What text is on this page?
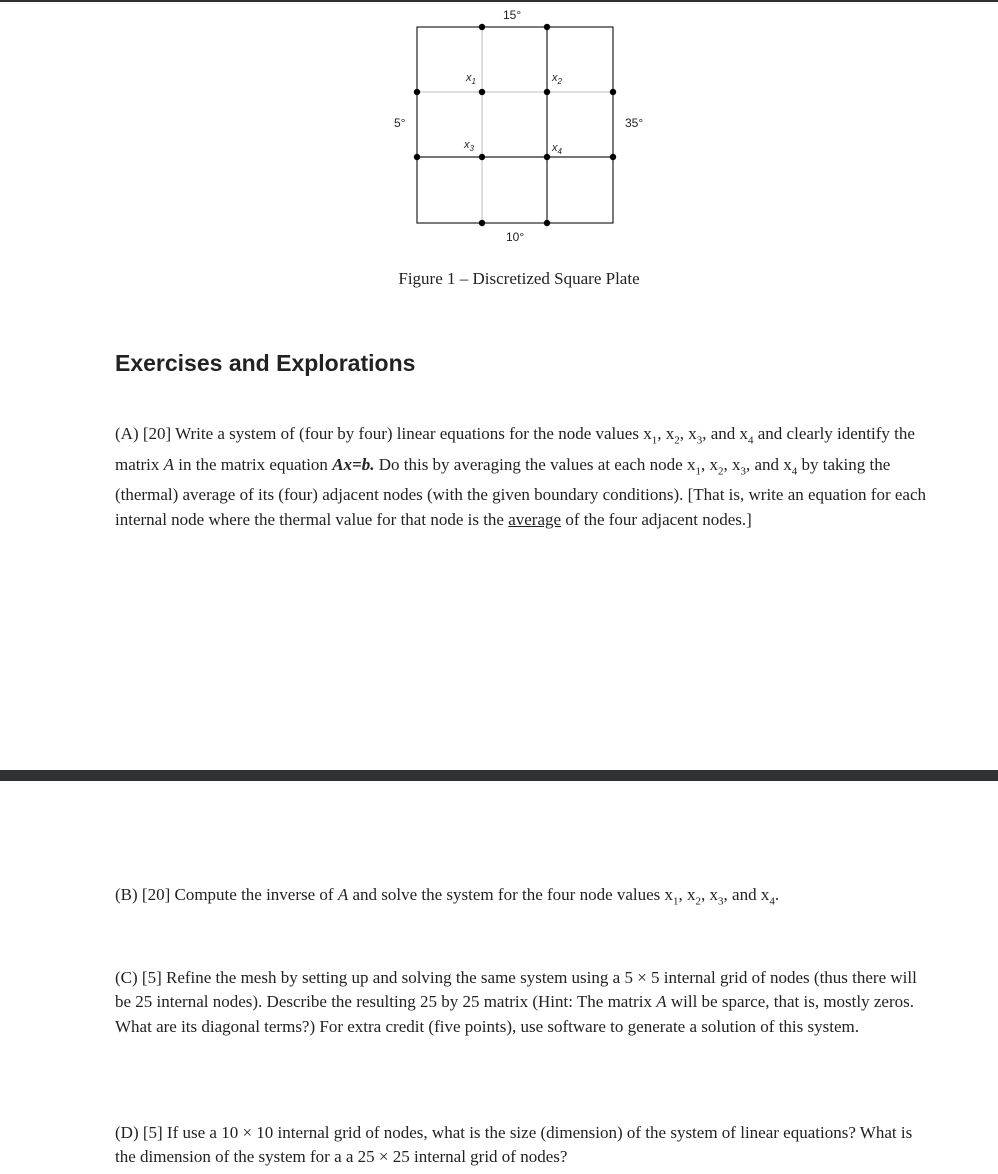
15°
5°	35°
10°
$x_1$	$x_2$
$x_3$	$x_4$
Figure 1 – Discretized Square Plate
Exercises and Explorations

(A) [20] Write a system of (four by four) linear equations for the node values $x_1$, $x_2$, $x_3$, and $x_4$ and clearly identify the matrix A in the matrix equation Ax=b. Do this by averaging the values at each node $x_1$, $x_2$, $x_3$, and $x_4$ by taking the (thermal) average of its (four) adjacent nodes (with the given boundary conditions). [That is, write an equation for each internal node where the thermal value for that node is the average of the four adjacent nodes.]

(B) [20] Compute the inverse of A and solve the system for the four node values $x_1$, $x_2$, $x_3$, and $x_4$.

(C) [5] Refine the mesh by setting up and solving the same system using a 5 × 5 internal grid of nodes (thus there will be 25 internal nodes). Describe the resulting 25 by 25 matrix (Hint: The matrix A will be sparce, that is, mostly zeros. What are its diagonal terms?) For extra credit (five points), use software to generate a solution of this system.

(D) [5] If use a 10 × 10 internal grid of nodes, what is the size (dimension) of the system of linear equations? What is the dimension of the system for a a 25 × 25 internal grid of nodes?
